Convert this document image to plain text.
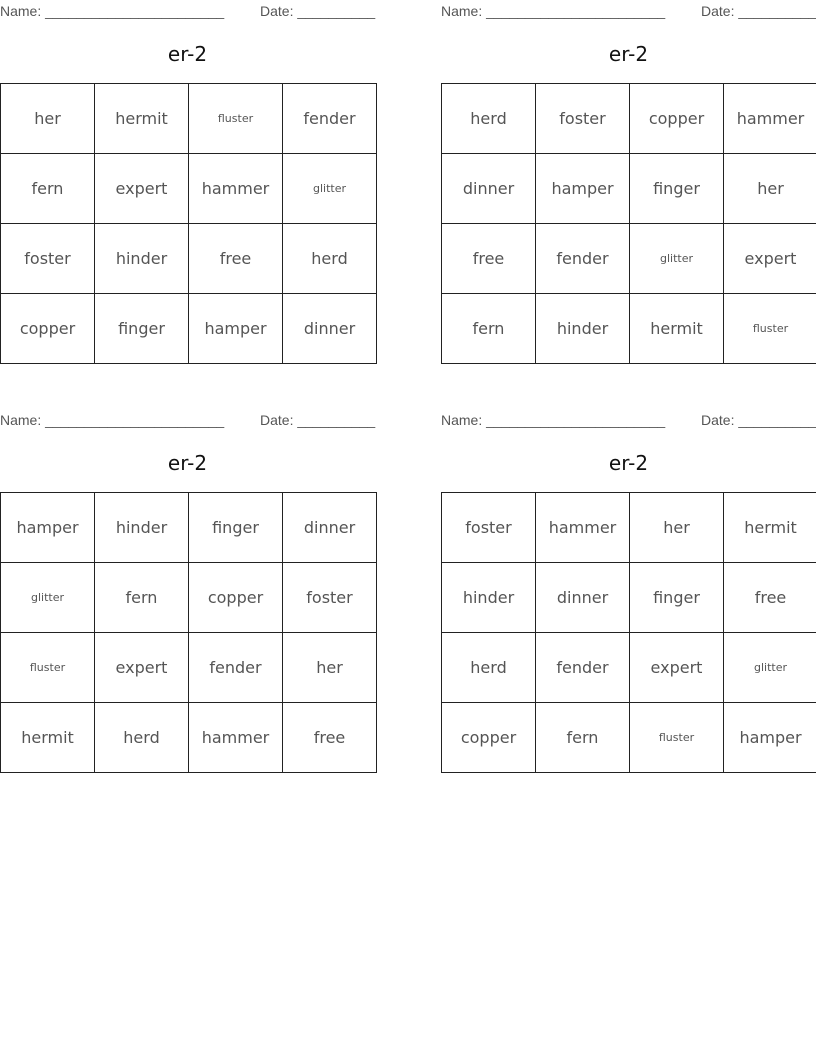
Name: _______________________	Date: __________
er-2
her	hermit	fluster	fender
fern	expert	hammer	glitter
foster	hinder	free	herd
copper	finger	hamper	dinner
Name: _______________________	Date: __________
er-2
herd	foster	copper	hammer
dinner	hamper	finger	her
free	fender	glitter	expert
fern	hinder	hermit	fluster
Name: _______________________	Date: __________
er-2
hamper	hinder	finger	dinner
glitter	fern	copper	foster
fluster	expert	fender	her
hermit	herd	hammer	free
Name: _______________________	Date: __________
er-2
foster	hammer	her	hermit
hinder	dinner	finger	free
herd	fender	expert	glitter
copper	fern	fluster	hamper
